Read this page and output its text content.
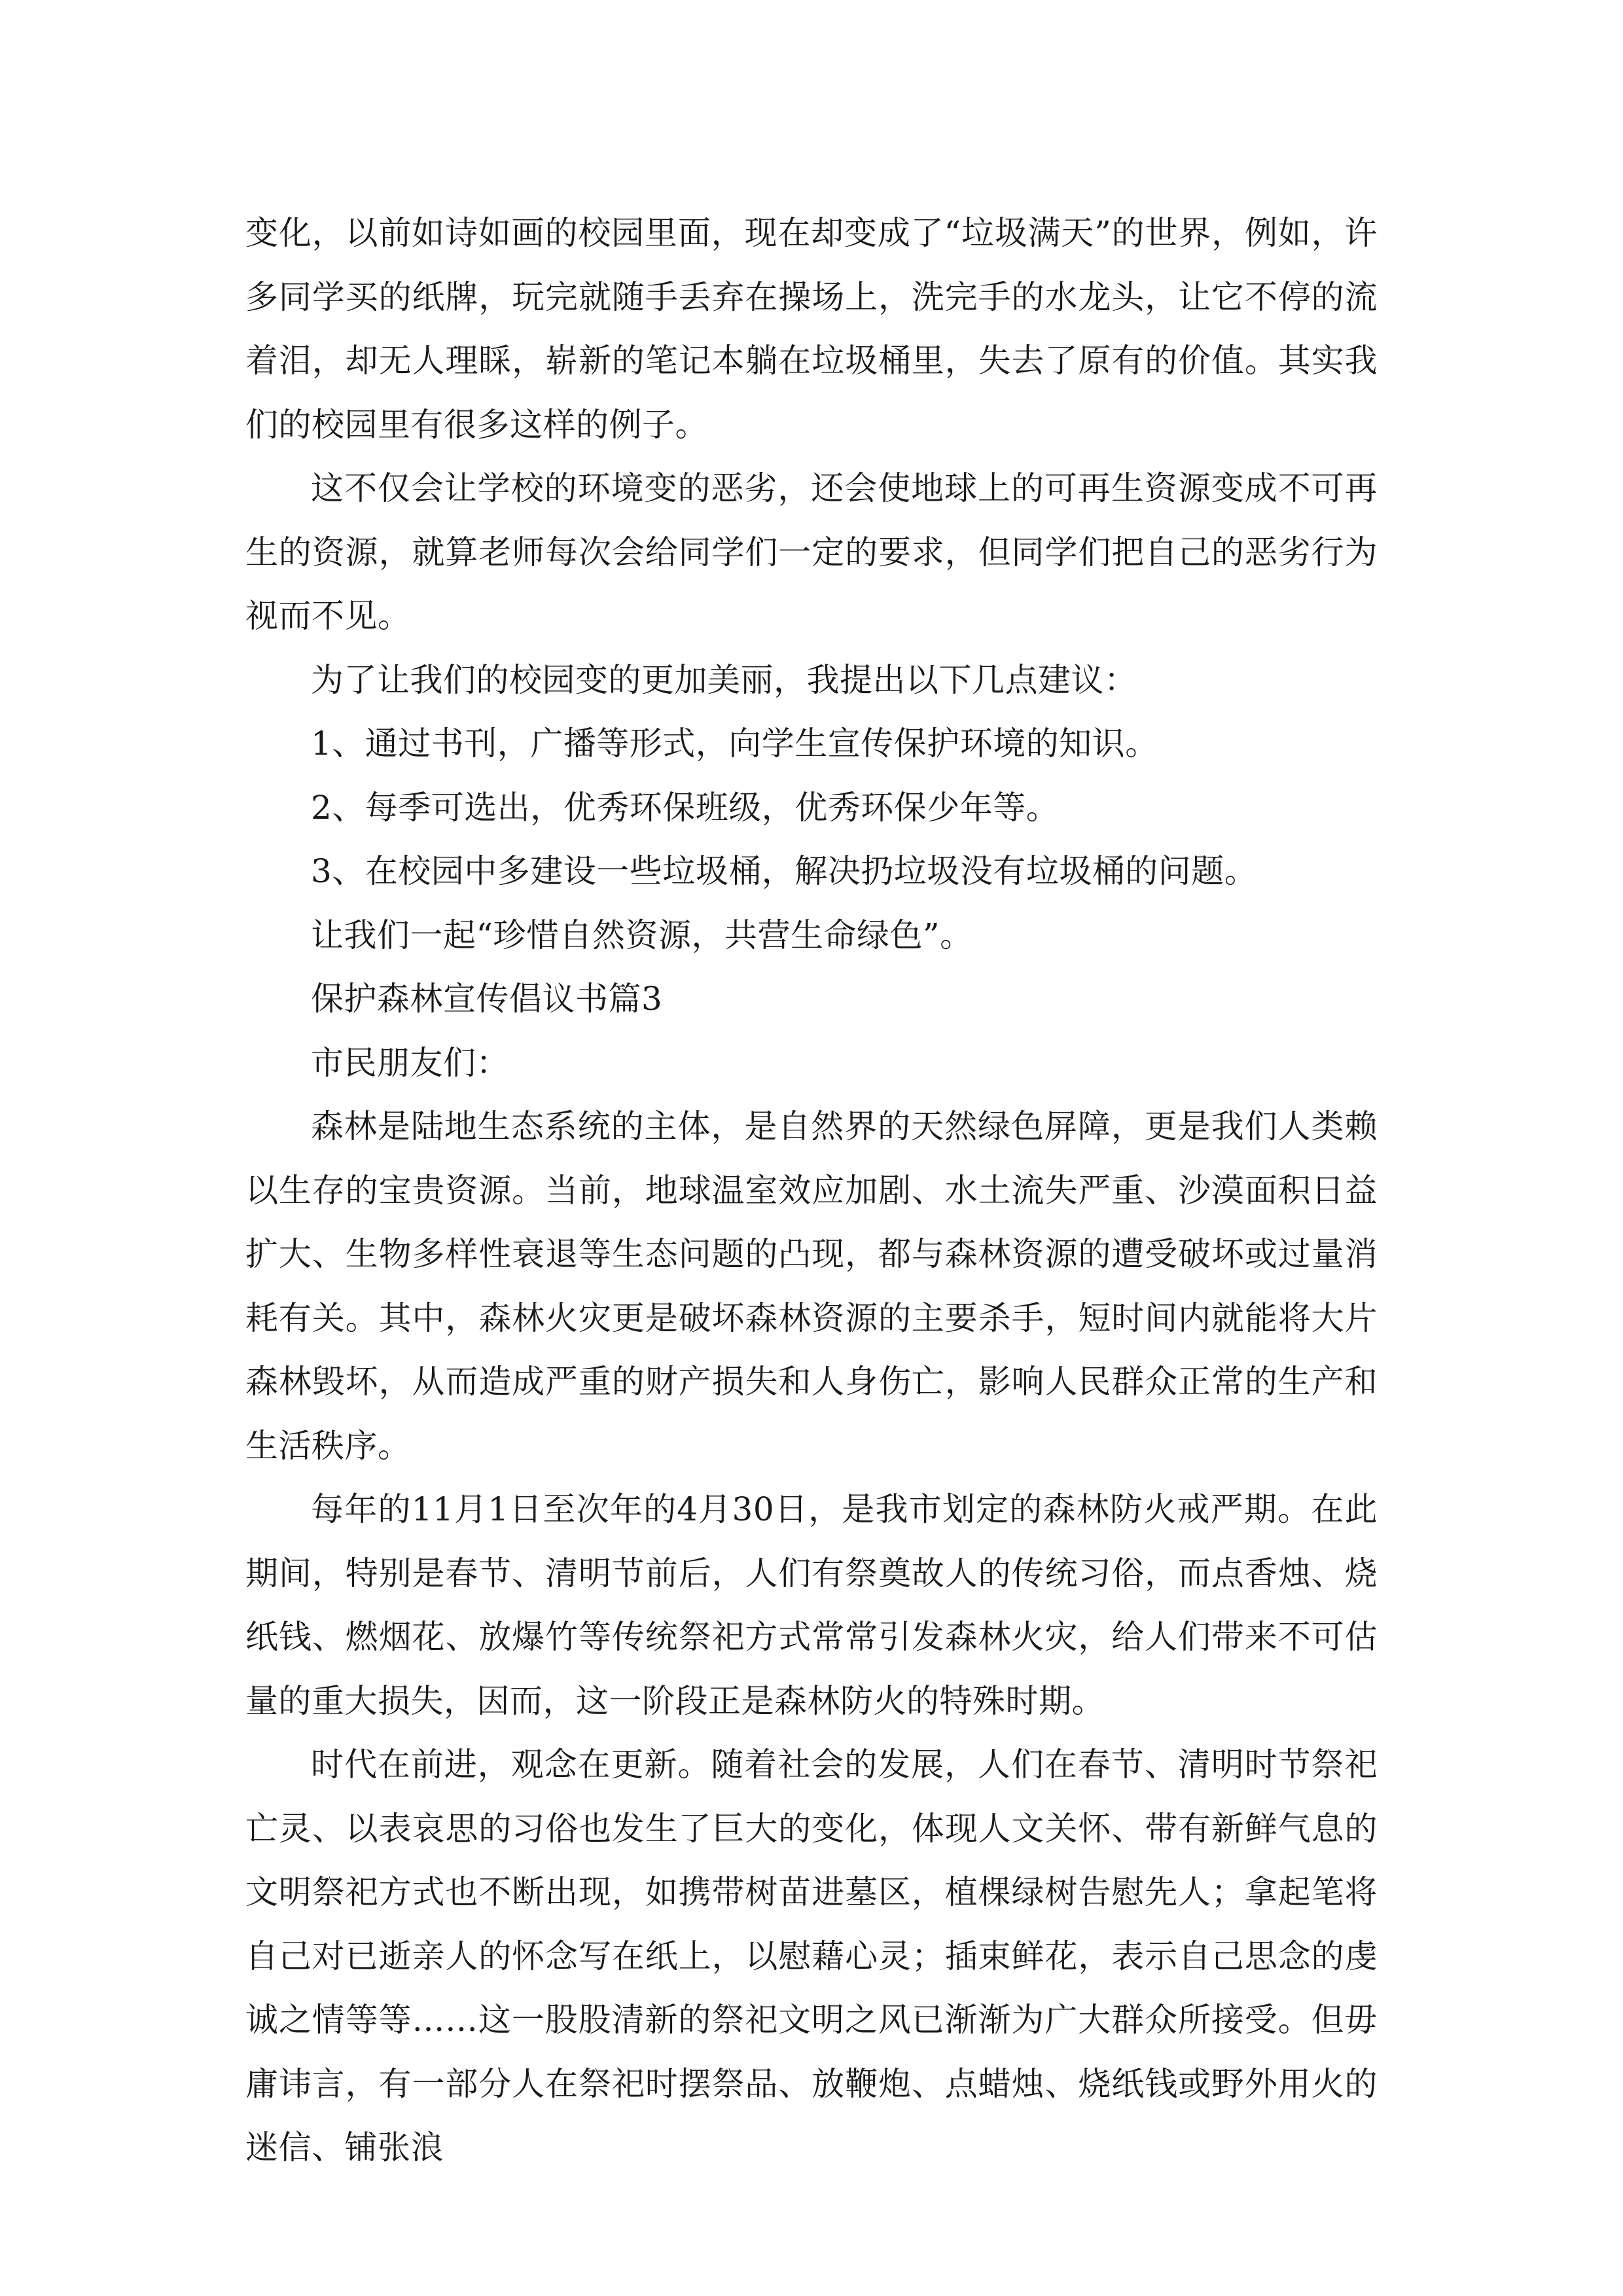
变化，以前如诗如画的校园里面，现在却变成了“垃圾满天”的世界，例如，许多同学买的纸牌，玩完就随手丢弃在操场上，洗完手的水龙头，让它不停的流着泪，却无人理睬，崭新的笔记本躺在垃圾桶里，失去了原有的价值。其实我们的校园里有很多这样的例子。

这不仅会让学校的环境变的恶劣，还会使地球上的可再生资源变成不可再生的资源，就算老师每次会给同学们一定的要求，但同学们把自己的恶劣行为视而不见。

为了让我们的校园变的更加美丽，我提出以下几点建议：

1、通过书刊，广播等形式，向学生宣传保护环境的知识。

2、每季可选出，优秀环保班级，优秀环保少年等。

3、在校园中多建设一些垃圾桶，解决扔垃圾没有垃圾桶的问题。

让我们一起“珍惜自然资源，共营生命绿色”。

保护森林宣传倡议书篇3

市民朋友们：

森林是陆地生态系统的主体，是自然界的天然绿色屏障，更是我们人类赖以生存的宝贵资源。当前，地球温室效应加剧、水土流失严重、沙漠面积日益扩大、生物多样性衰退等生态问题的凸现，都与森林资源的遭受破坏或过量消耗有关。其中，森林火灾更是破坏森林资源的主要杀手，短时间内就能将大片森林毁坏，从而造成严重的财产损失和人身伤亡，影响人民群众正常的生产和生活秩序。

每年的11月1日至次年的4月30日，是我市划定的森林防火戒严期。在此期间，特别是春节、清明节前后，人们有祭奠故人的传统习俗，而点香烛、烧纸钱、燃烟花、放爆竹等传统祭祀方式常常引发森林火灾，给人们带来不可估量的重大损失，因而，这一阶段正是森林防火的特殊时期。

时代在前进，观念在更新。随着社会的发展，人们在春节、清明时节祭祀亡灵、以表哀思的习俗也发生了巨大的变化，体现人文关怀、带有新鲜气息的文明祭祀方式也不断出现，如携带树苗进墓区，植棵绿树告慰先人；拿起笔将自己对已逝亲人的怀念写在纸上，以慰藉心灵；插束鲜花，表示自己思念的虔诚之情等等……这一股股清新的祭祀文明之风已渐渐为广大群众所接受。但毋庸讳言，有一部分人在祭祀时摆祭品、放鞭炮、点蜡烛、烧纸钱或野外用火的迷信、铺张浪
